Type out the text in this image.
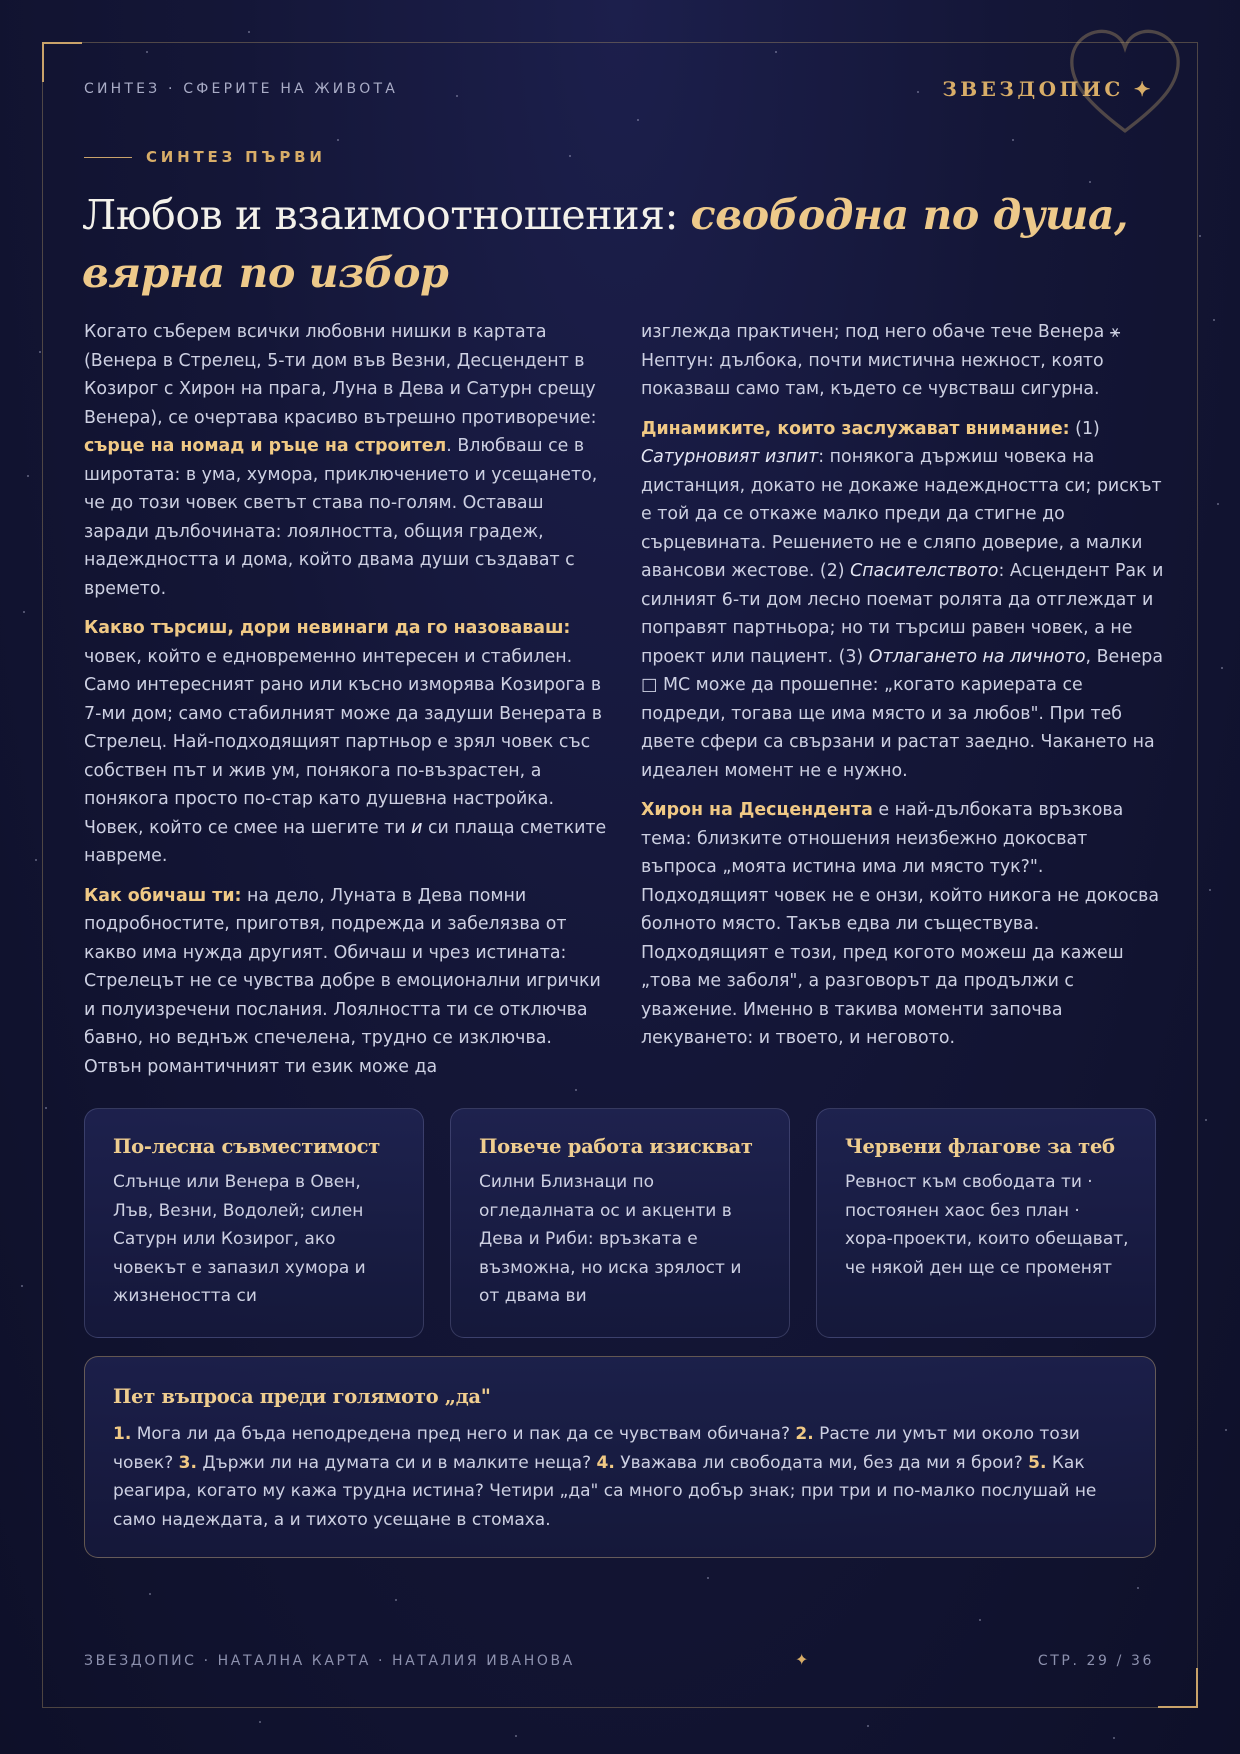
СИНТЕЗ · СФЕРИТЕ НА ЖИВОТА	ЗВЕЗДОПИС ✦
СИНТЕЗ ПЪРВИ
Любов и взаимоотношения: свободна по душа, вярна по избор

Когато съберем всички любовни нишки в картата (Венера в Стрелец, 5-ти дом във Везни, Десцендент в Козирог с Хирон на прага, Луна в Дева и Сатурн срещу Венера), се очертава красиво вътрешно противоречие: сърце на номад и ръце на строител. Влюбваш се в широтата: в ума, хумора, приключението и усещането, че до този човек светът става по-голям. Оставаш заради дълбочината: лоялността, общия градеж, надеждността и дома, който двама души създават с времето.

Какво търсиш, дори невинаги да го назоваваш: човек, който е едновременно интересен и стабилен. Само интересният рано или късно изморява Козирога в 7-ми дом; само стабилният може да задуши Венерата в Стрелец. Най-подходящият партньор е зрял човек със собствен път и жив ум, понякога по-възрастен, а понякога просто по-стар като душевна настройка. Човек, който се смее на шегите ти и си плаща сметките навреме.

Как обичаш ти: на дело, Луната в Дева помни подробностите, приготвя, подрежда и забелязва от какво има нужда другият. Обичаш и чрез истината: Стрелецът не се чувства добре в емоционални игрички и полуизречени послания. Лоялността ти се отключва бавно, но веднъж спечелена, трудно се изключва. Отвън романтичният ти език може да

изглежда практичен; под него обаче тече Венера ⚹ Нептун: дълбока, почти мистична нежност, която показваш само там, където се чувстваш сигурна.

Динамиките, които заслужават внимание: (1) Сатурновият изпит: понякога държиш човека на дистанция, докато не докаже надеждността си; рискът е той да се откаже малко преди да стигне до сърцевината. Решението не е сляпо доверие, а малки авансови жестове. (2) Спасителството: Асцендент Рак и силният 6-ти дом лесно поемат ролята да отглеждат и поправят партньора; но ти търсиш равен човек, а не проект или пациент. (3) Отлагането на личното, Венера □ МС може да прошепне: „когато кариерата се подреди, тогава ще има място и за любов". При теб двете сфери са свързани и растат заедно. Чакането на идеален момент не е нужно.

Хирон на Десцендента е най-дълбоката връзкова тема: близките отношения неизбежно докосват въпроса „моята истина има ли място тук?". Подходящият човек не е онзи, който никога не докосва болното място. Такъв едва ли съществува. Подходящият е този, пред когото можеш да кажеш „това ме заболя", а разговорът да продължи с уважение. Именно в такива моменти започва лекуването: и твоето, и неговото.

По-лесна съвместимост
Слънце или Венера в Овен, Лъв, Везни, Водолей; силен Сатурн или Козирог, ако човекът е запазил хумора и жизнеността си
Повече работа изискват
Силни Близнаци по огледалната ос и акценти в Дева и Риби: връзката е възможна, но иска зрялост и от двама ви
Червени флагове за теб
Ревност към свободата ти · постоянен хаос без план · хора-проекти, които обещават, че някой ден ще се променят
Пет въпроса преди голямото „да"
1. Мога ли да бъда неподредена пред него и пак да се чувствам обичана? 2. Расте ли умът ми около този човек? 3. Държи ли на думата си и в малките неща? 4. Уважава ли свободата ми, без да ми я брои? 5. Как реагира, когато му кажа трудна истина? Четири „да" са много добър знак; при три и по-малко послушай не само надеждата, а и тихото усещане в стомаха.
ЗВЕЗДОПИС · НАТАЛНА КАРТА · НАТАЛИЯ ИВАНОВА	✦	СТР. 29 / 36
